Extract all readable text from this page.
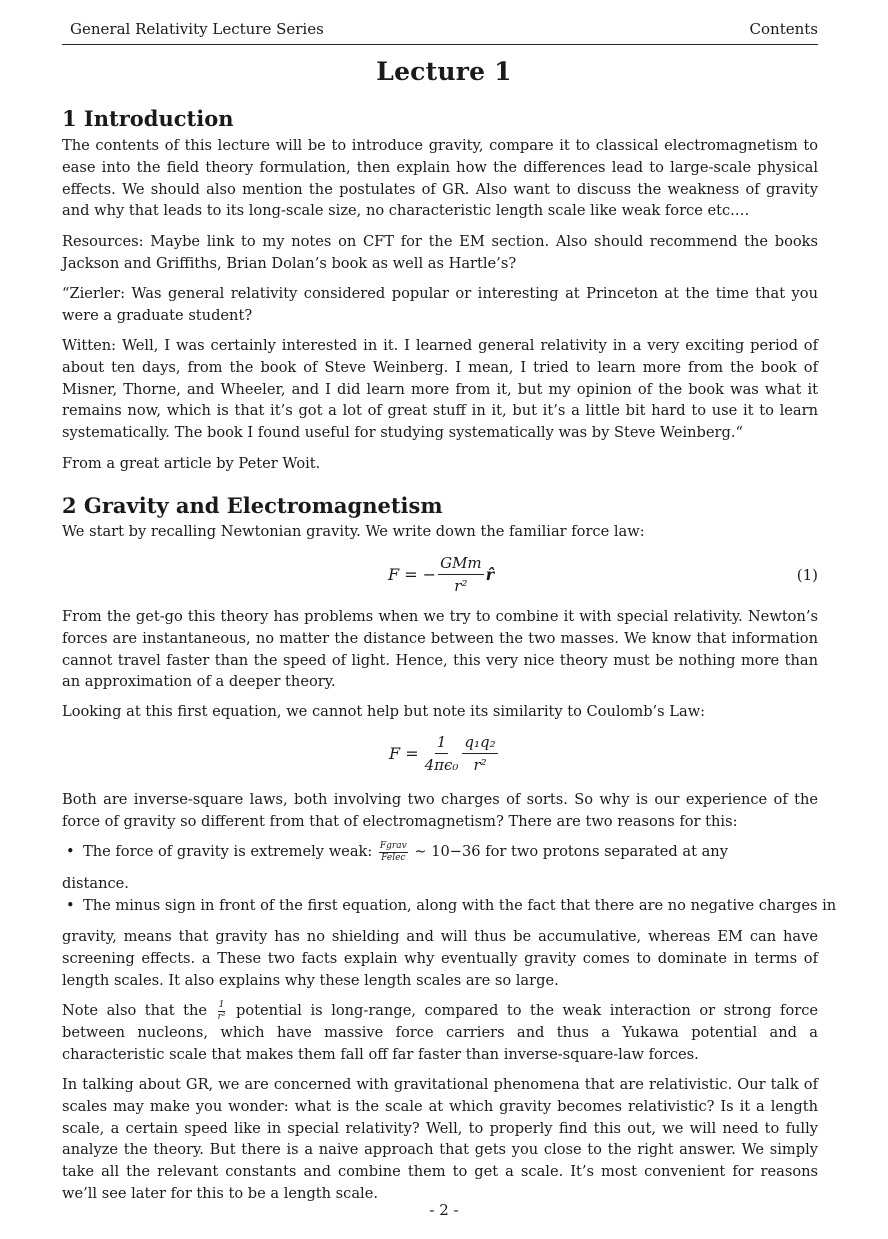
General Relativity Lecture Series	Contents
Lecture 1
1 Introduction

The contents of this lecture will be to introduce gravity, compare it to classical electromagnetism to ease into the field theory formulation, then explain how the differences lead to large-scale physical effects. We should also mention the postulates of GR. Also want to discuss the weakness of gravity and why that leads to its long-scale size, no characteristic length scale like weak force etc.…

Resources: Maybe link to my notes on CFT for the EM section. Also should recommend the books Jackson and Griffiths, Brian Dolan’s book as well as Hartle’s?

“Zierler: Was general relativity considered popular or interesting at Princeton at the time that you were a graduate student?

Witten: Well, I was certainly interested in it. I learned general relativity in a very exciting period of about ten days, from the book of Steve Weinberg. I mean, I tried to learn more from the book of Misner, Thorne, and Wheeler, and I did learn more from it, but my opinion of the book was what it remains now, which is that it’s got a lot of great stuff in it, but it’s a little bit hard to use it to learn systematically. The book I found useful for studying systematically was by Steve Weinberg.“

From a great article by Peter Woit.

2 Gravity and Electromagnetism

We start by recalling Newtonian gravity. We write down the familiar force law:

F = − $\frac{\text{GMm}}{\text{r²}}$ r̂	(1)

From the get-go this theory has problems when we try to combine it with special relativity. Newton’s forces are instantaneous, no matter the distance between the two masses. We know that information cannot travel faster than the speed of light. Hence, this very nice theory must be nothing more than an approximation of a deeper theory.

Looking at this first equation, we cannot help but note its similarity to Coulomb’s Law:

$F = \frac{1}{\text{4πϵ₀}} \frac{\text{q₁q₂}}{\text{r²}}$

Both are inverse-square laws, both involving two charges of sorts. So why is our experience of the force of gravity so different from that of electromagnetism? There are two reasons for this:

• The force of gravity is extremely weak: Fgrav
Felec ∼ 10−36 for two protons separated at any
distance.
• The minus sign in front of the first equation, along with the fact that there are no negative charges in

gravity, means that gravity has no shielding and will thus be accumulative, whereas EM can have screening effects. a These two facts explain why eventually gravity comes to dominate in terms of length scales. It also explains why these length scales are so large.

Note also that the $\frac{1}{\text{r²}}$ potential is long-range, compared to the weak interaction or strong force between nucleons, which have massive force carriers and thus a Yukawa potential and a characteristic scale that makes them fall off far faster than inverse-square-law forces.

In talking about GR, we are concerned with gravitational phenomena that are relativistic. Our talk of scales may make you wonder: what is the scale at which gravity becomes relativistic? Is it a length scale, a certain speed like in special relativity? Well, to properly find this out, we will need to fully analyze the theory. But there is a naive approach that gets you close to the right answer. We simply take all the relevant constants and combine them to get a scale. It’s most convenient for reasons we’ll see later for this to be a length scale.

- 2 -
